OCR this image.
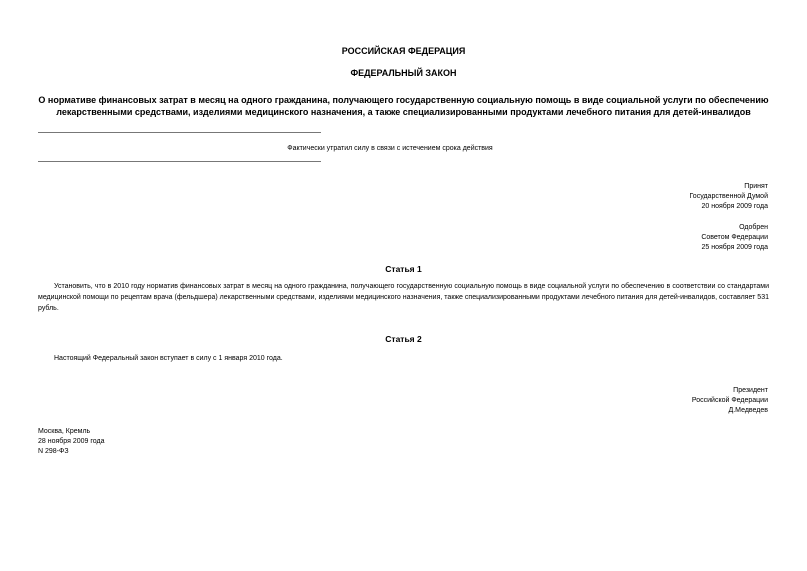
РОССИЙСКАЯ ФЕДЕРАЦИЯ
ФЕДЕРАЛЬНЫЙ ЗАКОН
О нормативе финансовых затрат в месяц на одного гражданина, получающего государственную социальную помощь в виде социальной услуги по обеспечению
лекарственными средствами, изделиями медицинского назначения, а также специализированными продуктами лечебного питания для детей-инвалидов
Фактически утратил силу в связи с истечением срока действия
Принят
Государственной Думой
20 ноября 2009 года
Одобрен
Советом Федерации
25 ноября 2009 года
Статья 1
Установить, что в 2010 году норматив финансовых затрат в месяц на одного гражданина, получающего государственную социальную помощь в виде социальной услуги по обеспечению в соответствии со стандартами медицинской помощи по рецептам врача (фельдшера) лекарственными средствами, изделиями медицинского назначения, также специализированными продуктами лечебного питания для детей-инвалидов, составляет 531 рубль.
Статья 2
Настоящий Федеральный закон вступает в силу с 1 января 2010 года.
Президент
Российской Федерации
Д.Медведев
Москва, Кремль
28 ноября 2009 года
N 298-ФЗ
